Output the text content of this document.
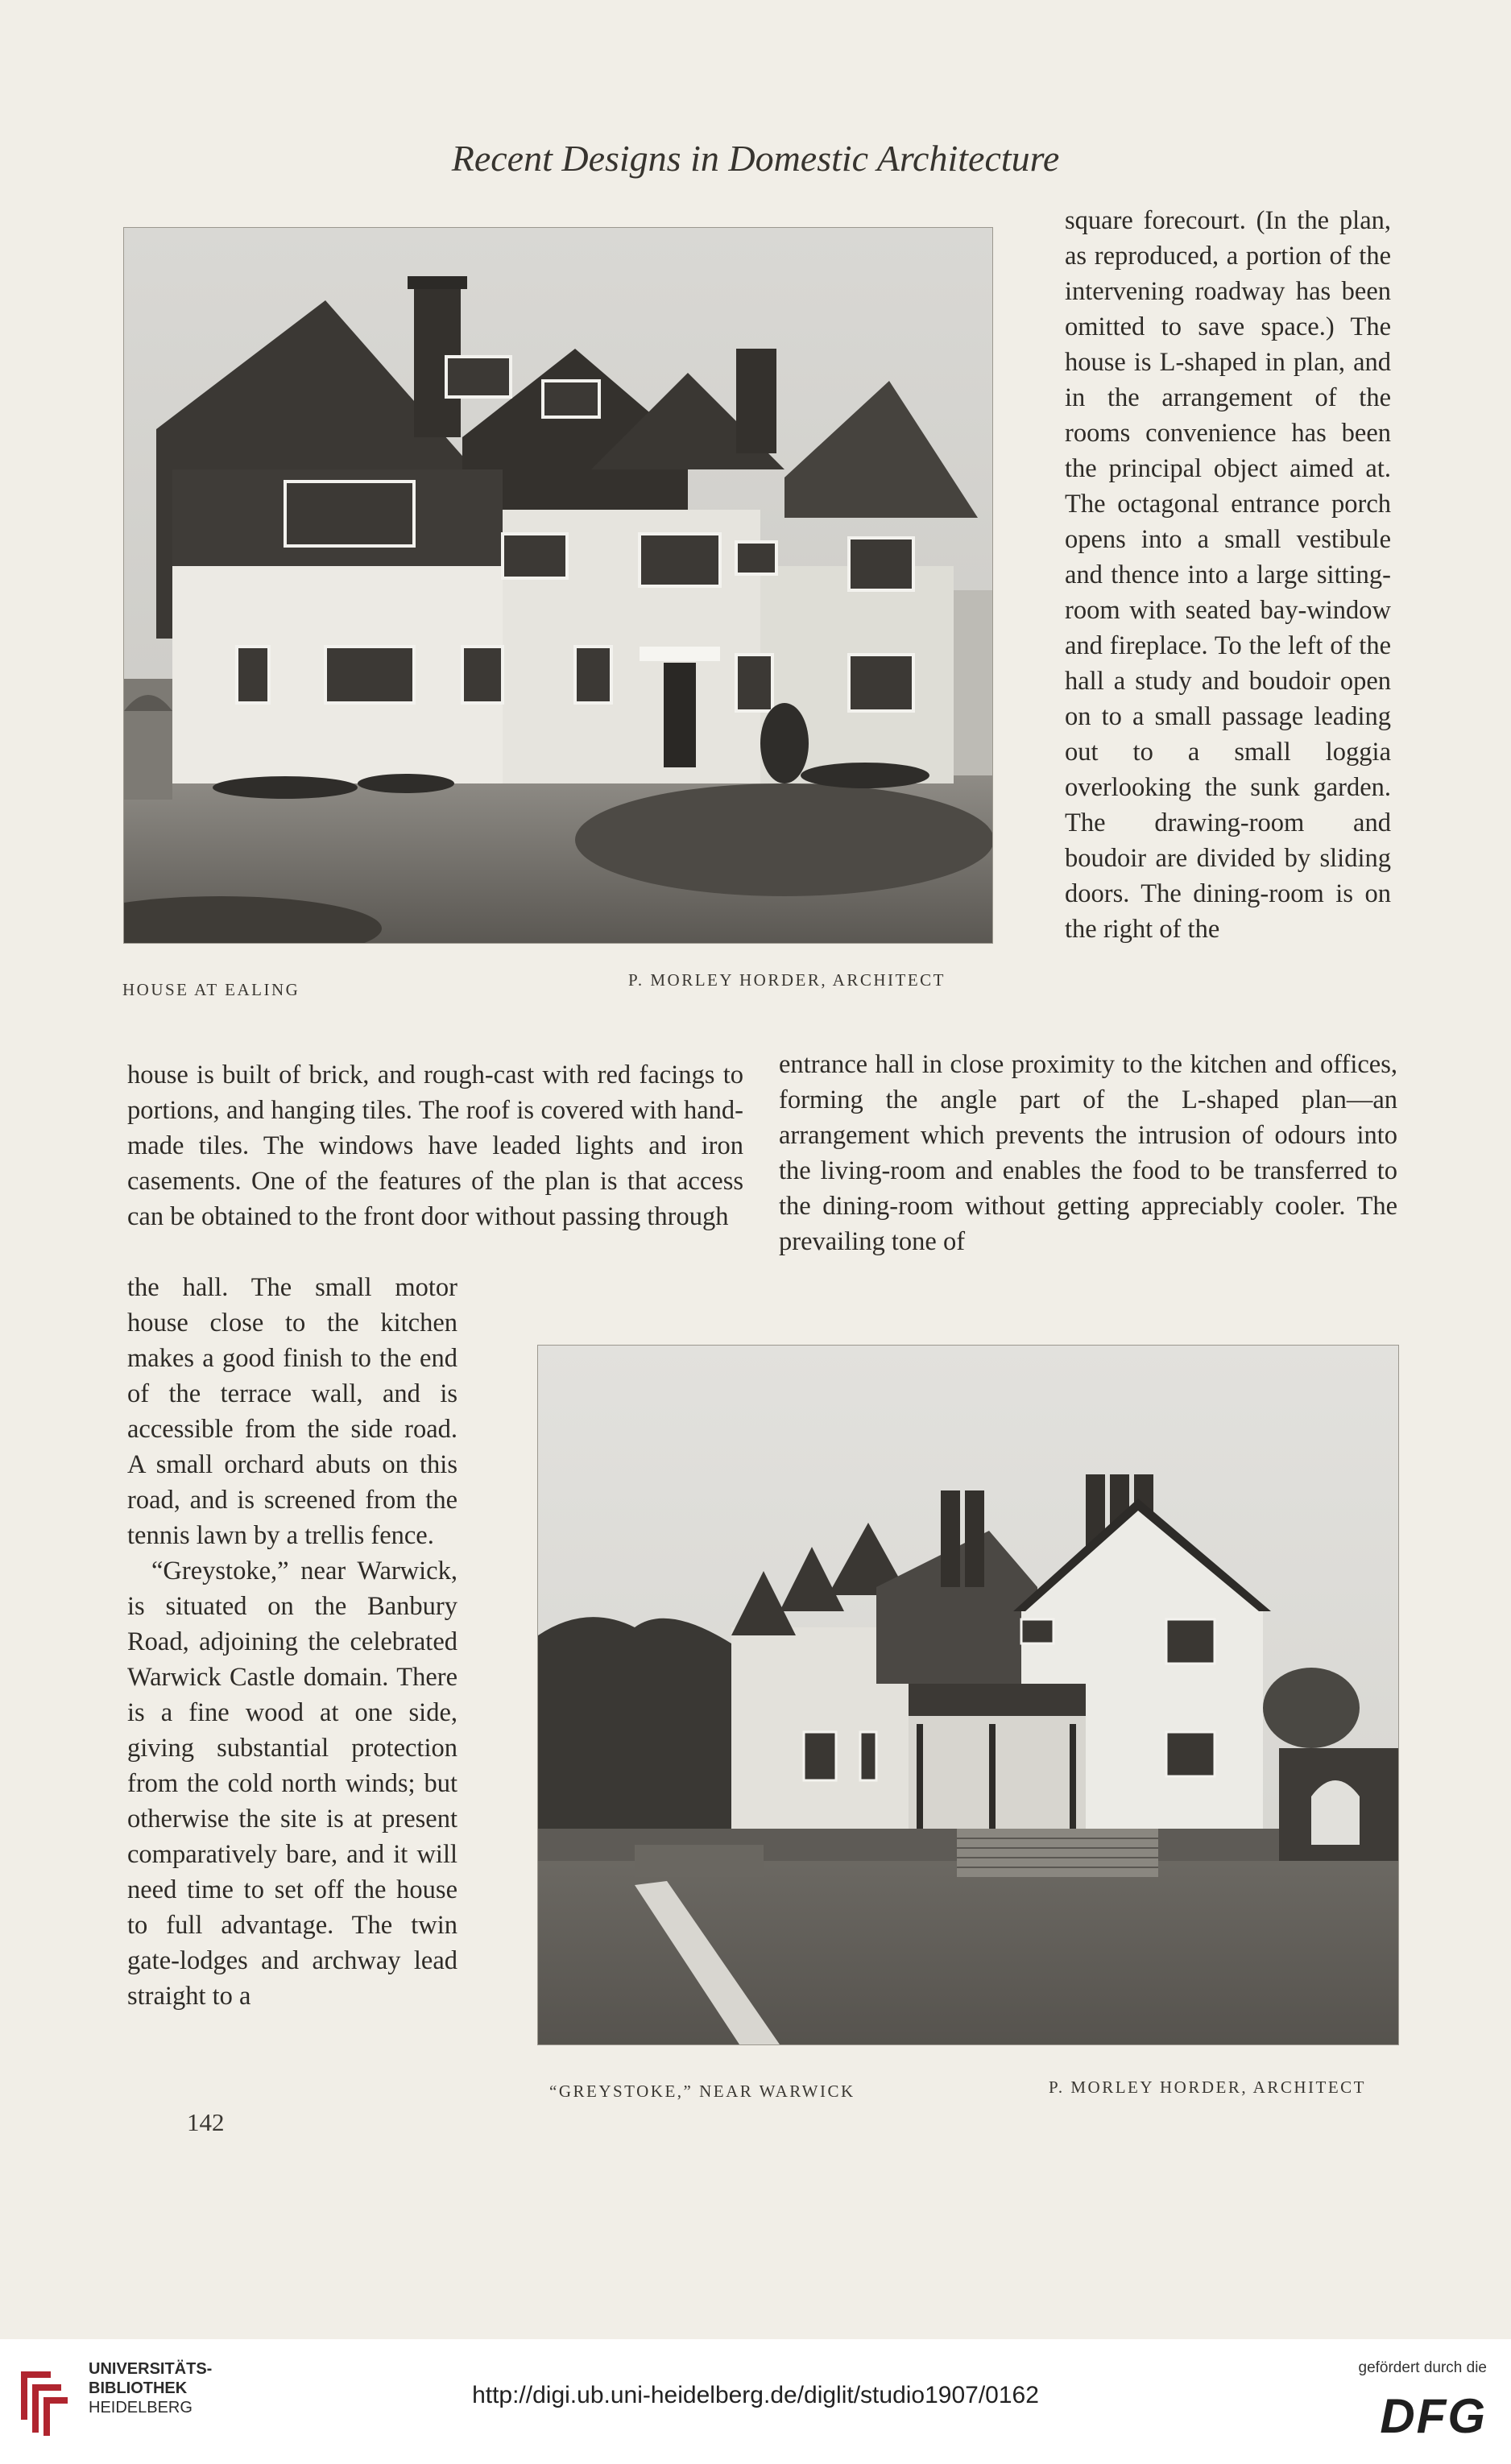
Recent Designs in Domestic Architecture
HOUSE AT EALING	P. MORLEY HORDER, ARCHITECT

square forecourt. (In the plan, as reproduced, a portion of the intervening roadway has been omitted to save space.) The house is L-shaped in plan, and in the arrangement of the rooms convenience has been the principal object aimed at. The octagonal entrance porch opens into a small vestibule and thence into a large sitting-room with seated bay-window and fireplace. To the left of the hall a study and boudoir open on to a small passage leading out to a small loggia overlooking the sunk garden. The drawing-room and boudoir are divided by sliding doors. The dining-room is on the right of the

house is built of brick, and rough-cast with red facings to portions, and hanging tiles. The roof is covered with hand-made tiles. The windows have leaded lights and iron casements. One of the features of the plan is that access can be obtained to the front door without passing through

entrance hall in close proximity to the kitchen and offices, forming the angle part of the L-shaped plan—an arrangement which prevents the intrusion of odours into the living-room and enables the food to be transferred to the dining-room without getting appreciably cooler. The prevailing tone of

the hall. The small motor house close to the kitchen makes a good finish to the end of the terrace wall, and is accessible from the side road. A small orchard abuts on this road, and is screened from the tennis lawn by a trellis fence.

“Greystoke,” near Warwick, is situated on the Banbury Road, adjoining the celebrated Warwick Castle domain. There is a fine wood at one side, giving substantial protection from the cold north winds; but otherwise the site is at present comparatively bare, and it will need time to set off the house to full advantage. The twin gate-lodges and archway lead straight to a

“GREYSTOKE,” NEAR WARWICK	P. MORLEY HORDER, ARCHITECT
142
UNIVERSITÄTS-
BIBLIOTHEK
HEIDELBERG	http://digi.ub.uni-heidelberg.de/diglit/studio1907/0162
gefördert durch die
DFG
